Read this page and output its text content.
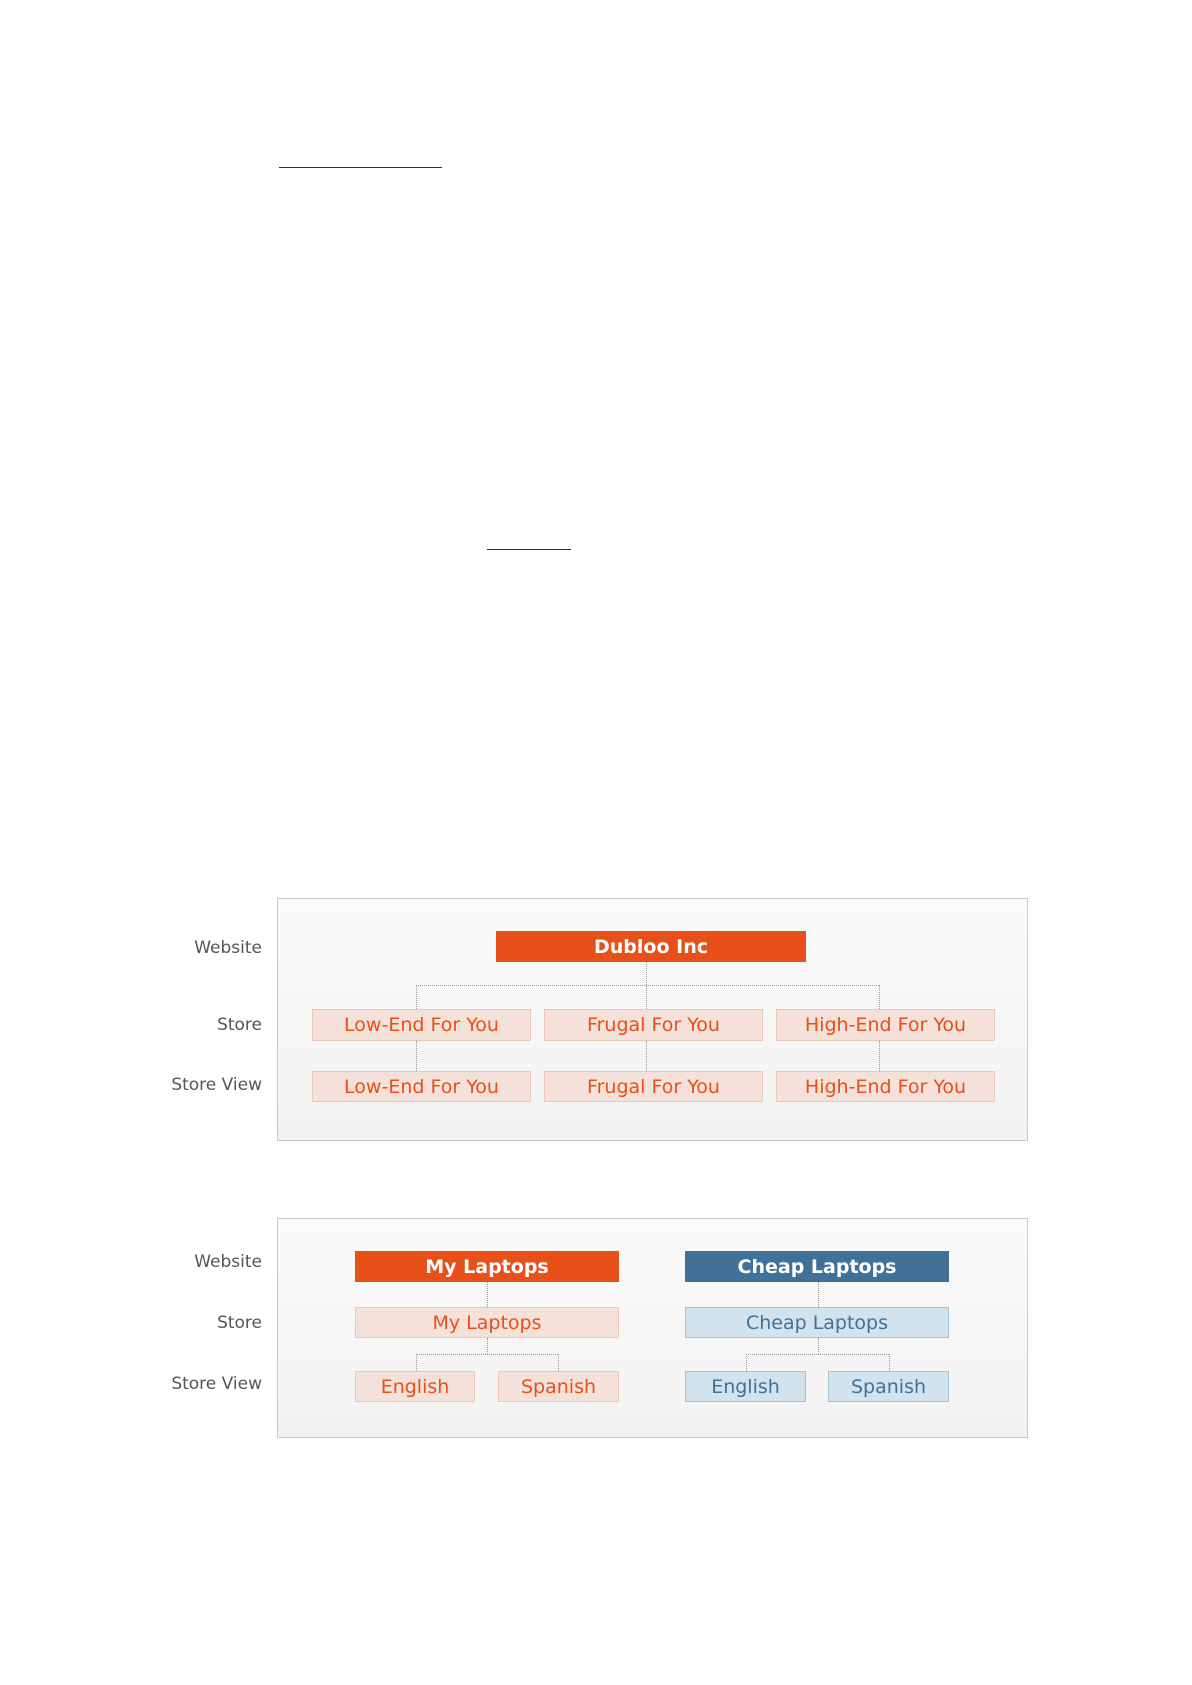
Website
Store
Store View
Dubloo Inc
Low-End For You	Frugal For You	High-End For You
Low-End For You	Frugal For You	High-End For You
Website
Store
Store View
My Laptops
My Laptops
English	Spanish
Cheap Laptops
Cheap Laptops
English	Spanish
